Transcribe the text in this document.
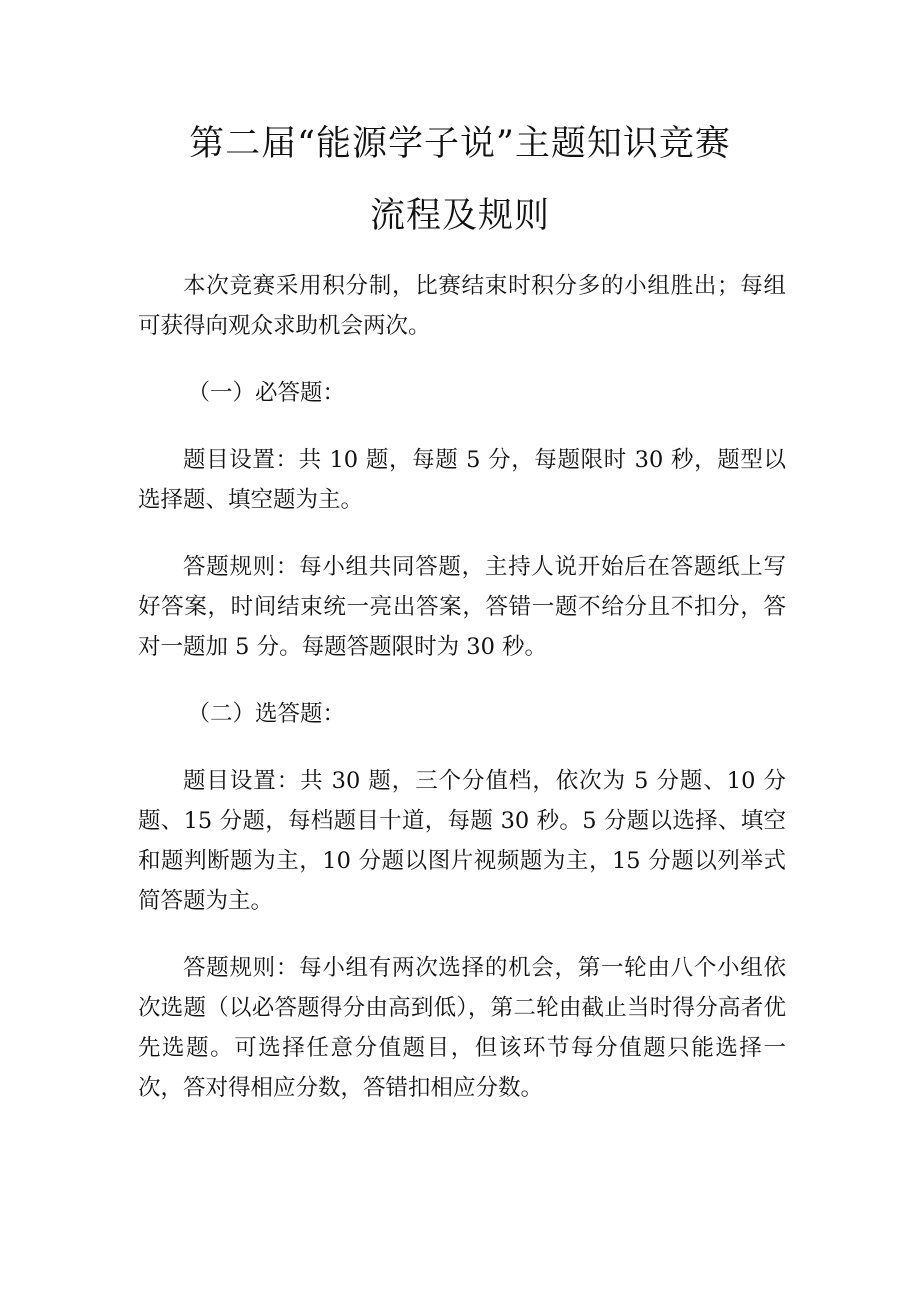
第二届“能源学子说”主题知识竞赛
流程及规则

本次竞赛采用积分制，比赛结束时积分多的小组胜出；每组可获得向观众求助机会两次。

（一）必答题：

题目设置：共 10 题，每题 5 分，每题限时 30 秒，题型以选择题、填空题为主。

答题规则：每小组共同答题，主持人说开始后在答题纸上写好答案，时间结束统一亮出答案，答错一题不给分且不扣分，答对一题加 5 分。每题答题限时为 30 秒。

（二）选答题：

题目设置：共 30 题，三个分值档，依次为 5 分题、10 分题、15 分题，每档题目十道，每题 30 秒。5 分题以选择、填空和题判断题为主，10 分题以图片视频题为主，15 分题以列举式简答题为主。

答题规则：每小组有两次选择的机会，第一轮由八个小组依次选题（以必答题得分由高到低），第二轮由截止当时得分高者优先选题。可选择任意分值题目，但该环节每分值题只能选择一次，答对得相应分数，答错扣相应分数。
